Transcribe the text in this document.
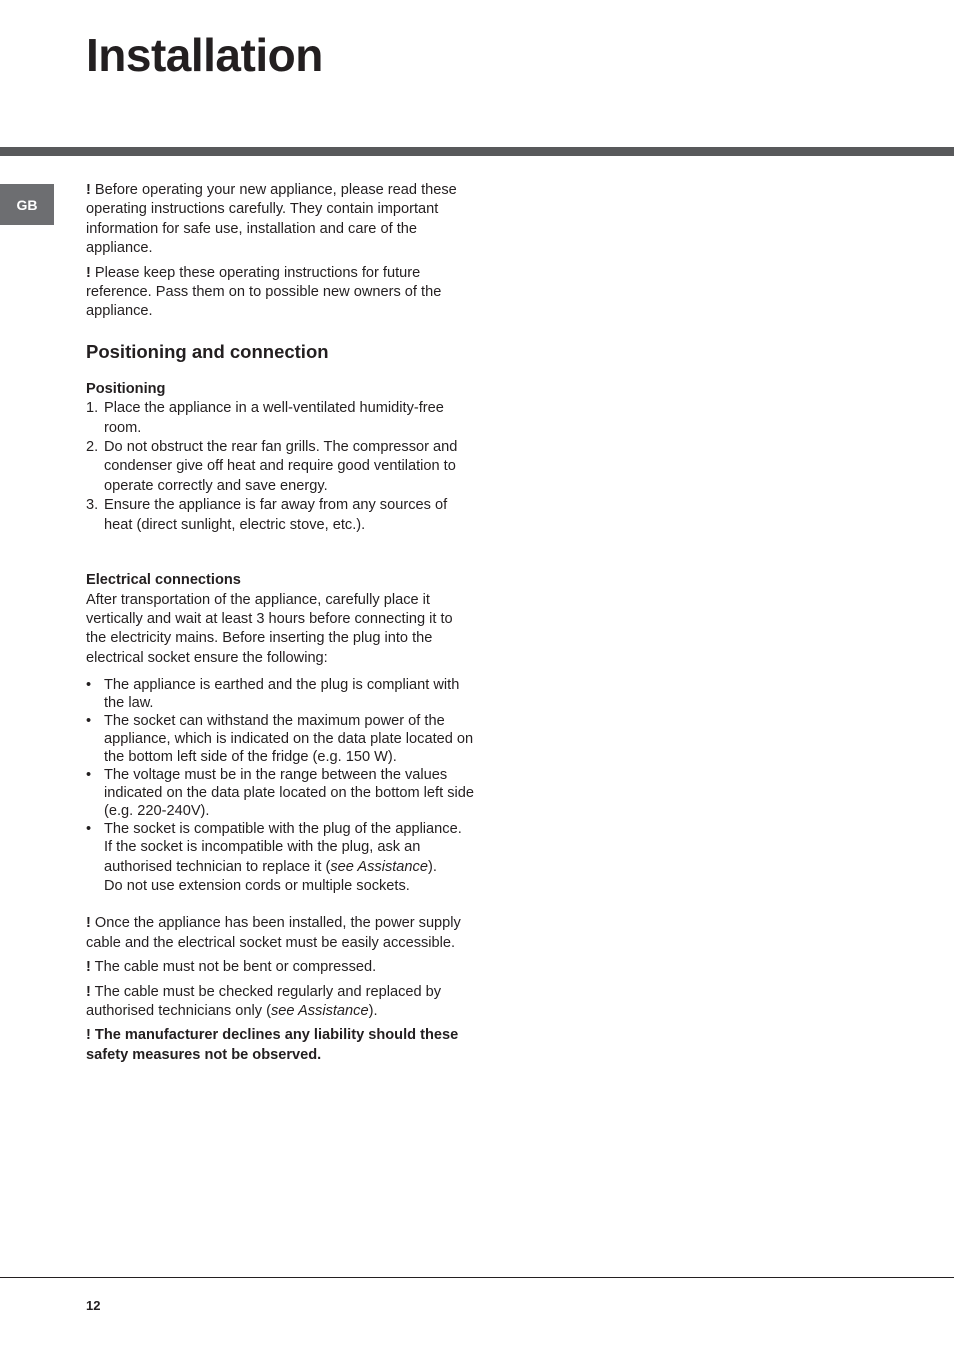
Installation
GB

! Before operating your new appliance, please read these operating instructions carefully. They contain important information for safe use, installation and care of the appliance.

! Please keep these operating instructions for future reference. Pass them on to possible new owners of the appliance.

Positioning and connection
Positioning
1. Place the appliance in a well-ventilated humidity-free room.
2. Do not obstruct the rear fan grills. The compressor and condenser give off heat and require good ventilation to operate correctly and save energy.
3. Ensure the appliance is far away from any sources of heat (direct sunlight, electric stove, etc.).
Electrical connections

After transportation of the appliance, carefully place it vertically and wait at least 3 hours before connecting it to the electricity mains. Before inserting the plug into the electrical socket ensure the following:

• The appliance is earthed and the plug is compliant with the law.
• The socket can withstand the maximum power of the appliance, which is indicated on the data plate located on the bottom left side of the fridge (e.g. 150 W).
• The voltage must be in the range between the values indicated on the data plate located on the bottom left side (e.g. 220-240V).
• The socket is compatible with the plug of the appliance.
If the socket is incompatible with the plug, ask an authorised technician to replace it (see Assistance).
Do not use extension cords or multiple sockets.

! Once the appliance has been installed, the power supply cable and the electrical socket must be easily accessible.

! The cable must not be bent or compressed.

! The cable must be checked regularly and replaced by authorised technicians only (see Assistance).

! The manufacturer declines any liability should these safety measures not be observed.

12
